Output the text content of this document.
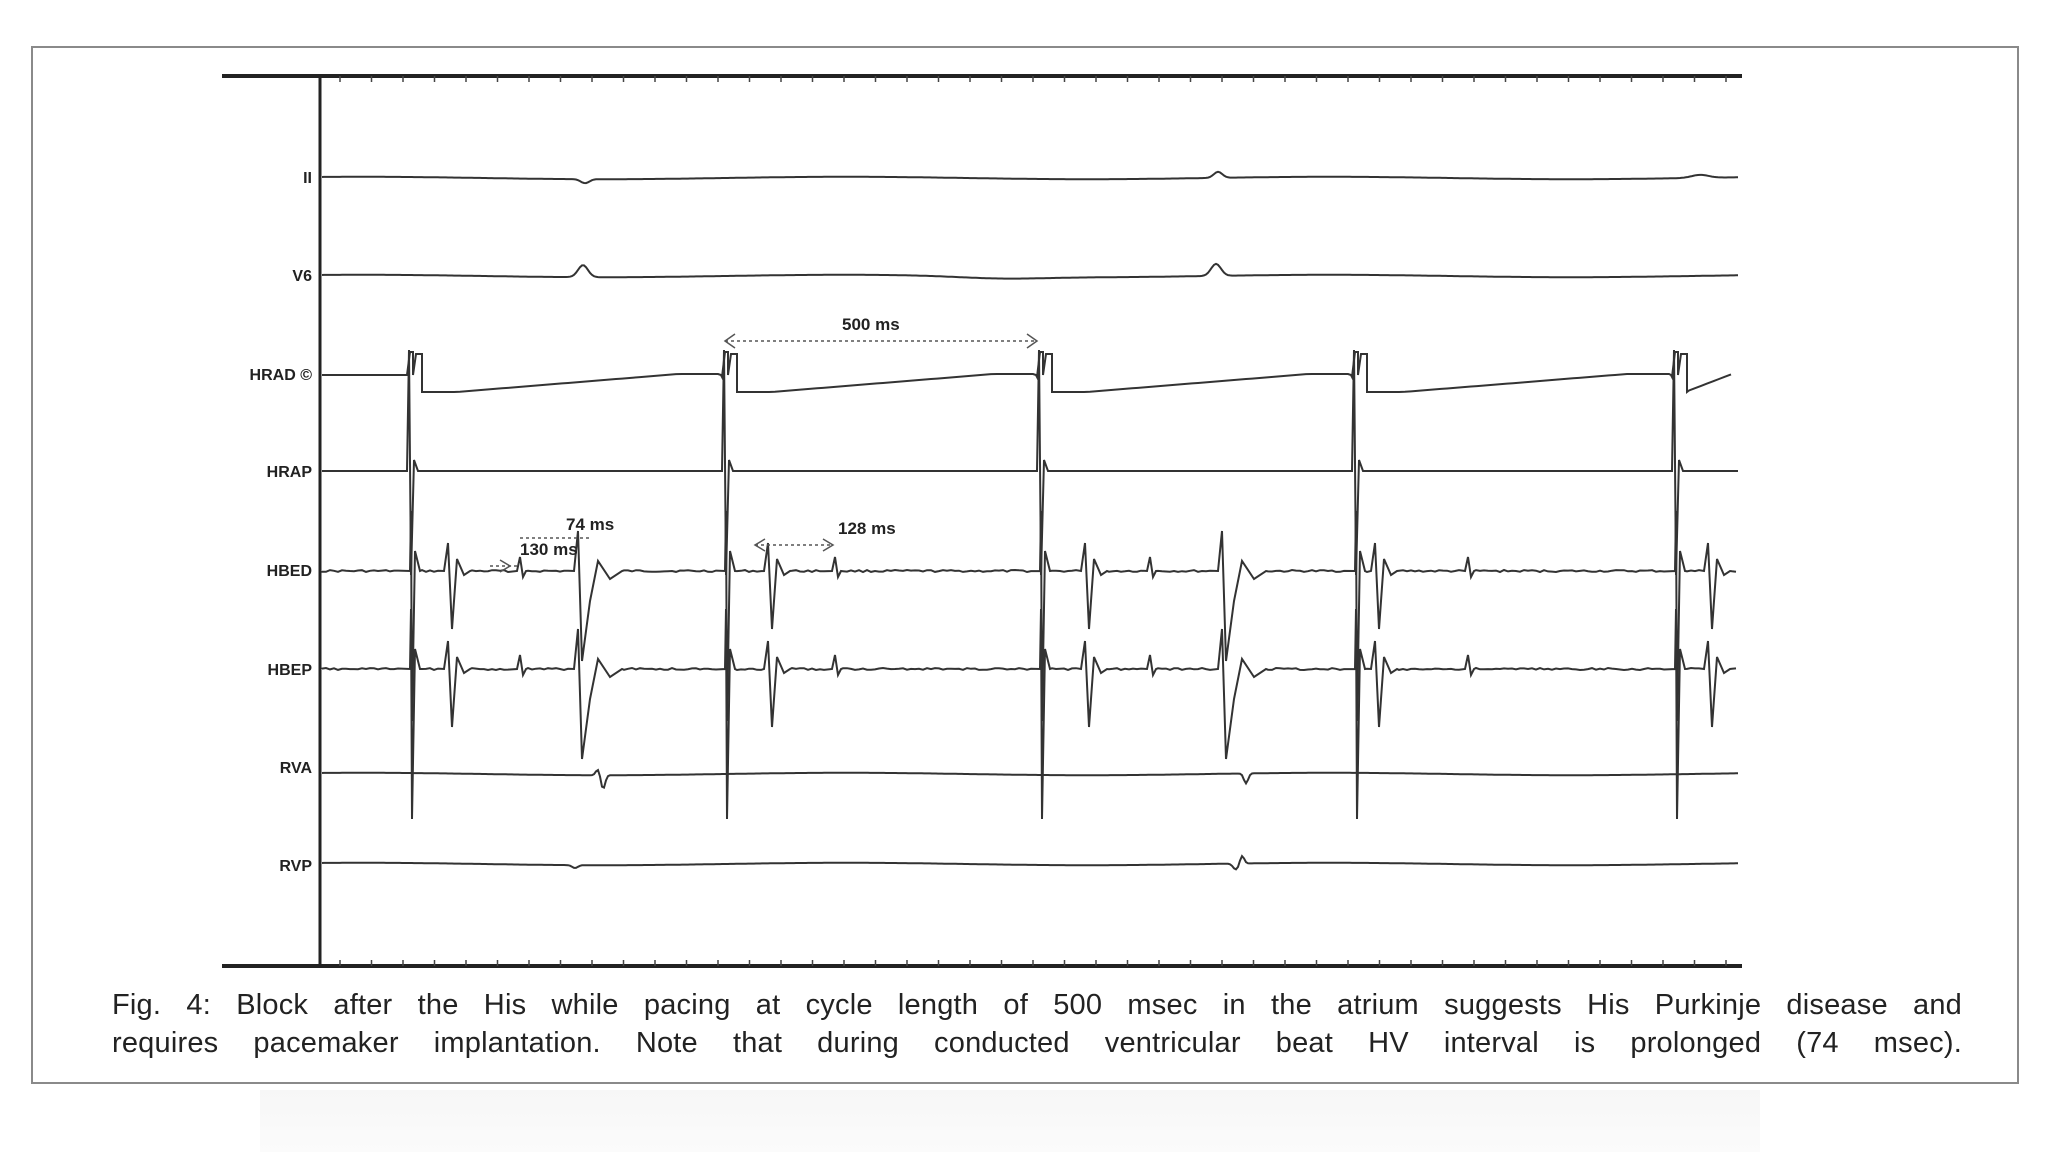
II
V6
HRAD ©
HRAP
HBED
HBEP
RVA
RVP
500 ms
74 ms
130 ms
128 ms
Fig. 4: Block after the His while pacing at cycle length of 500 msec in the atrium suggests His Purkinje disease and
requires pacemaker implantation. Note that during conducted ventricular beat HV interval is prolonged (74 msec).
